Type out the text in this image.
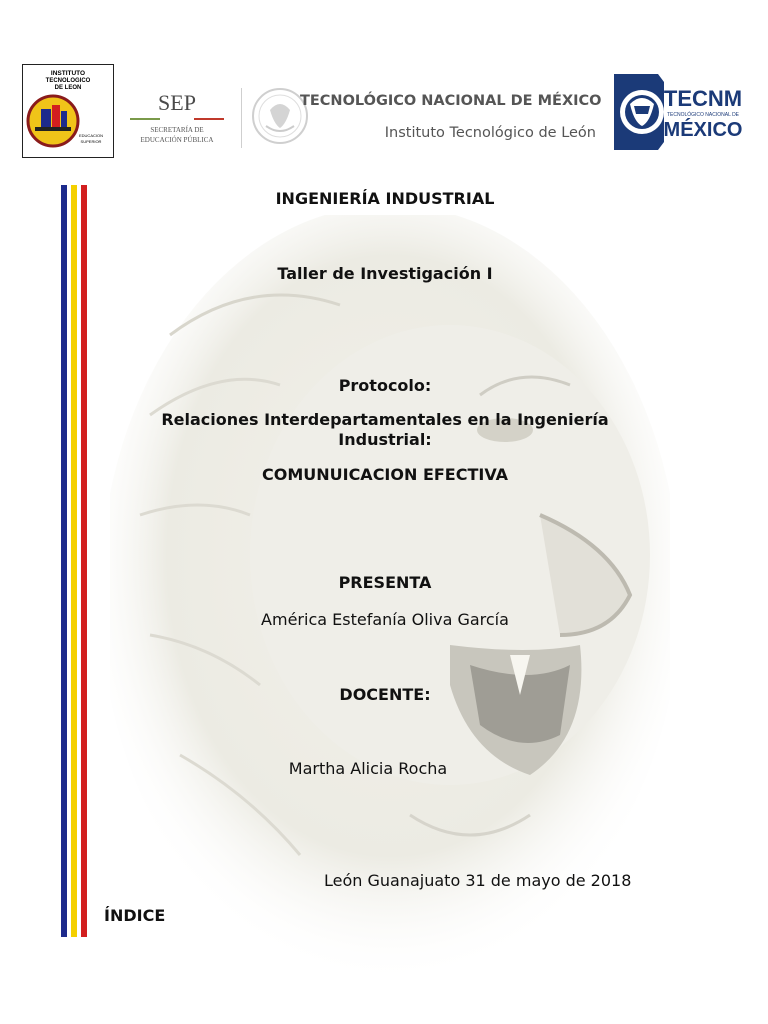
INSTITUTO
TECNOLOGICO
DE LEON
EDUCACION
SUPERIOR
SEP
SECRETARÍA DE
EDUCACIÓN PÚBLICA
TECNOLÓGICO NACIONAL DE MÉXICO
Instituto Tecnológico de León
TECNM
TECNOLÓGICO NACIONAL DE
MÉXICO
INGENIERÍA INDUSTRIAL
Taller de Investigación I
Protocolo:
Relaciones Interdepartamentales en la Ingeniería
Industrial:
COMUNUICACION EFECTIVA
PRESENTA
América Estefanía Oliva García
DOCENTE:
Martha Alicia Rocha
León Guanajuato 31 de mayo de 2018
ÍNDICE
